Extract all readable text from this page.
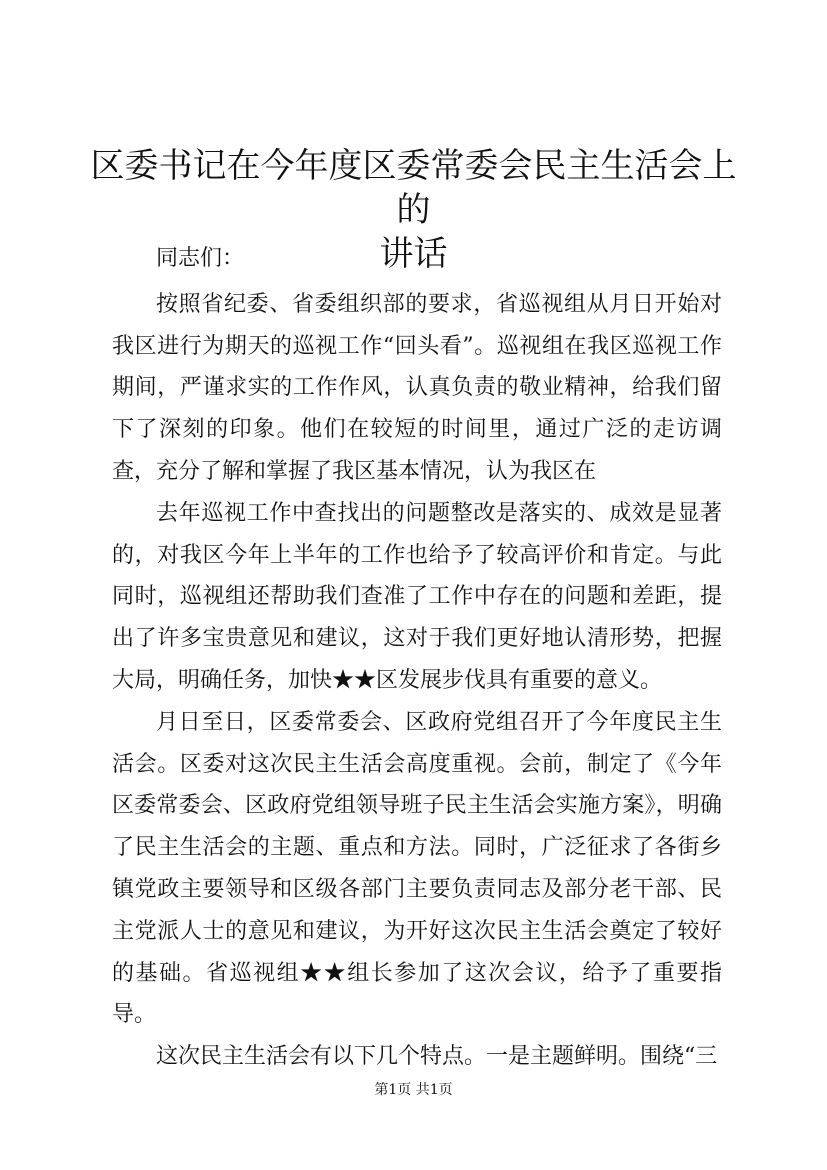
区委书记在今年度区委常委会民主生活会上的
讲话

同志们：

按照省纪委、省委组织部的要求，省巡视组从月日开始对我区进行为期天的巡视工作“回头看”。巡视组在我区巡视工作期间，严谨求实的工作作风，认真负责的敬业精神，给我们留下了深刻的印象。他们在较短的时间里，通过广泛的走访调查，充分了解和掌握了我区基本情况，认为我区在

去年巡视工作中查找出的问题整改是落实的、成效是显著的，对我区今年上半年的工作也给予了较高评价和肯定。与此同时，巡视组还帮助我们查准了工作中存在的问题和差距，提出了许多宝贵意见和建议，这对于我们更好地认清形势，把握大局，明确任务，加快★★区发展步伐具有重要的意义。

月日至日，区委常委会、区政府党组召开了今年度民主生活会。区委对这次民主生活会高度重视。会前，制定了《今年区委常委会、区政府党组领导班子民主生活会实施方案》，明确了民主生活会的主题、重点和方法。同时，广泛征求了各街乡镇党政主要领导和区级各部门主要负责同志及部分老干部、民主党派人士的意见和建议，为开好这次民主生活会奠定了较好的基础。省巡视组★★组长参加了这次会议，给予了重要指导。

这次民主生活会有以下几个特点。一是主题鲜明。围绕“三

第1页 共1页
